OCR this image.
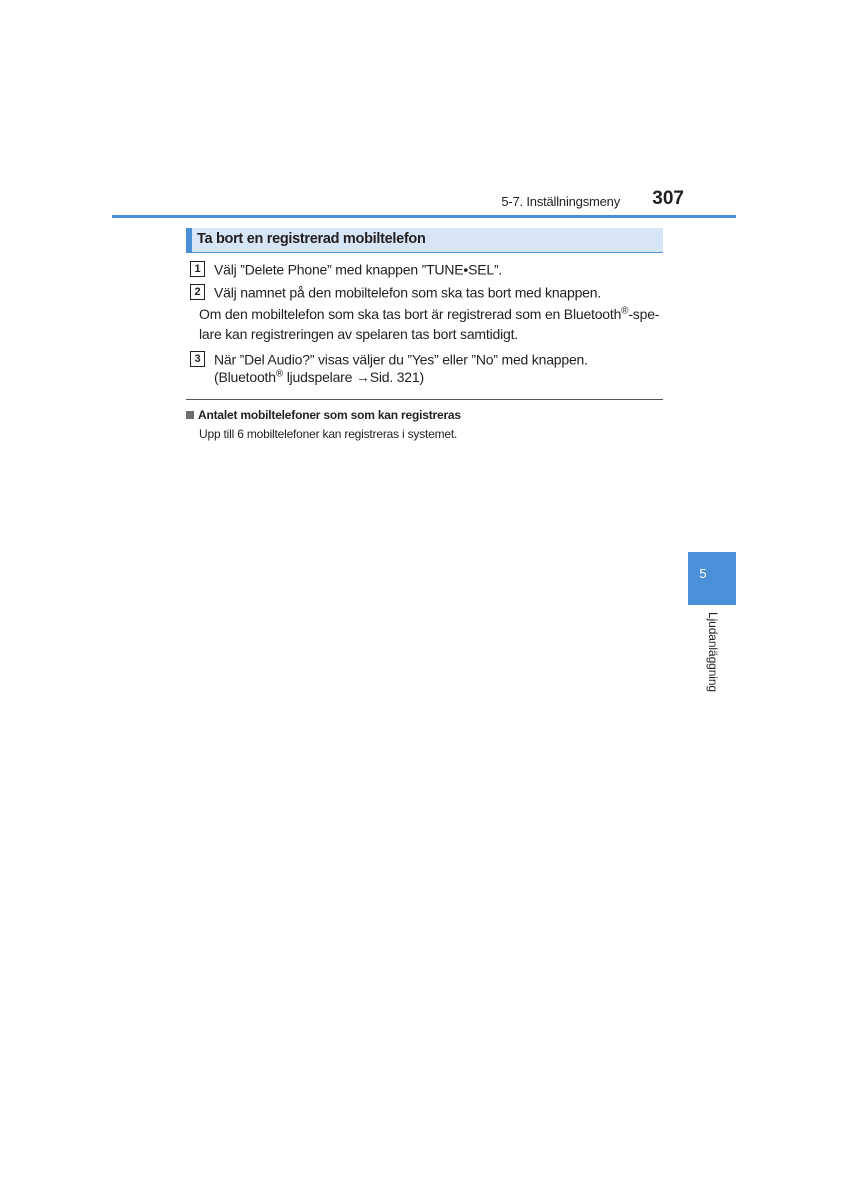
5-7. Inställningsmeny	307
Ta bort en registrerad mobiltelefon
1 Välj ”Delete Phone” med knappen ”TUNE•SEL”.
2 Välj namnet på den mobiltelefon som ska tas bort med knappen.
Om den mobiltelefon som ska tas bort är registrerad som en Bluetooth®-spe-
lare kan registreringen av spelaren tas bort samtidigt.
3 När ”Del Audio?” visas väljer du ”Yes” eller ”No” med knappen.
(Bluetooth® ljudspelare →Sid. 321)
Antalet mobiltelefoner som som kan registreras
Upp till 6 mobiltelefoner kan registreras i systemet.
5
Ljudanläggning
